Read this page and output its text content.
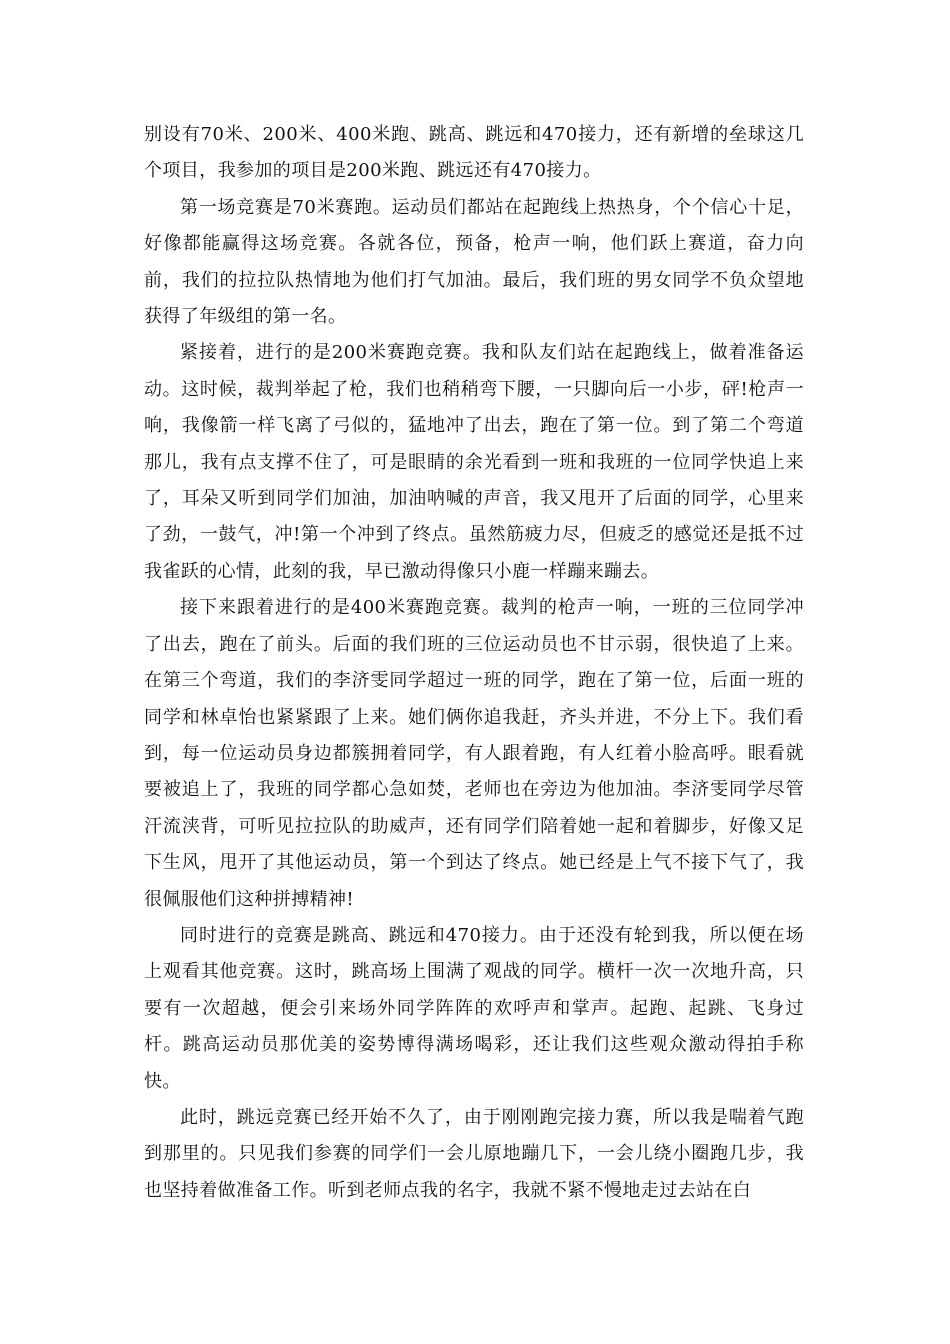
别设有70米、200米、400米跑、跳高、跳远和470接力，还有新增的垒球这几个项目，我参加的项目是200米跑、跳远还有470接力。

第一场竞赛是70米赛跑。运动员们都站在起跑线上热热身，个个信心十足，好像都能赢得这场竞赛。各就各位，预备，枪声一响，他们跃上赛道，奋力向前，我们的拉拉队热情地为他们打气加油。最后，我们班的男女同学不负众望地获得了年级组的第一名。

紧接着，进行的是200米赛跑竞赛。我和队友们站在起跑线上，做着准备运动。这时候，裁判举起了枪，我们也稍稍弯下腰，一只脚向后一小步，砰!枪声一响，我像箭一样飞离了弓似的，猛地冲了出去，跑在了第一位。到了第二个弯道那儿，我有点支撑不住了，可是眼睛的余光看到一班和我班的一位同学快追上来了，耳朵又听到同学们加油，加油呐喊的声音，我又甩开了后面的同学，心里来了劲，一鼓气，冲!第一个冲到了终点。虽然筋疲力尽，但疲乏的感觉还是抵不过我雀跃的心情，此刻的我，早已激动得像只小鹿一样蹦来蹦去。

接下来跟着进行的是400米赛跑竞赛。裁判的枪声一响，一班的三位同学冲了出去，跑在了前头。后面的我们班的三位运动员也不甘示弱，很快追了上来。在第三个弯道，我们的李济雯同学超过一班的同学，跑在了第一位，后面一班的同学和林卓怡也紧紧跟了上来。她们俩你追我赶，齐头并进，不分上下。我们看到，每一位运动员身边都簇拥着同学，有人跟着跑，有人红着小脸高呼。眼看就要被追上了，我班的同学都心急如焚，老师也在旁边为他加油。李济雯同学尽管汗流浃背，可听见拉拉队的助威声，还有同学们陪着她一起和着脚步，好像又足下生风，甩开了其他运动员，第一个到达了终点。她已经是上气不接下气了，我很佩服他们这种拼搏精神!

同时进行的竞赛是跳高、跳远和470接力。由于还没有轮到我，所以便在场上观看其他竞赛。这时，跳高场上围满了观战的同学。横杆一次一次地升高，只要有一次超越，便会引来场外同学阵阵的欢呼声和掌声。起跑、起跳、飞身过杆。跳高运动员那优美的姿势博得满场喝彩，还让我们这些观众激动得拍手称快。

此时，跳远竞赛已经开始不久了，由于刚刚跑完接力赛，所以我是喘着气跑到那里的。只见我们参赛的同学们一会儿原地蹦几下，一会儿绕小圈跑几步，我也坚持着做准备工作。听到老师点我的名字，我就不紧不慢地走过去站在白
